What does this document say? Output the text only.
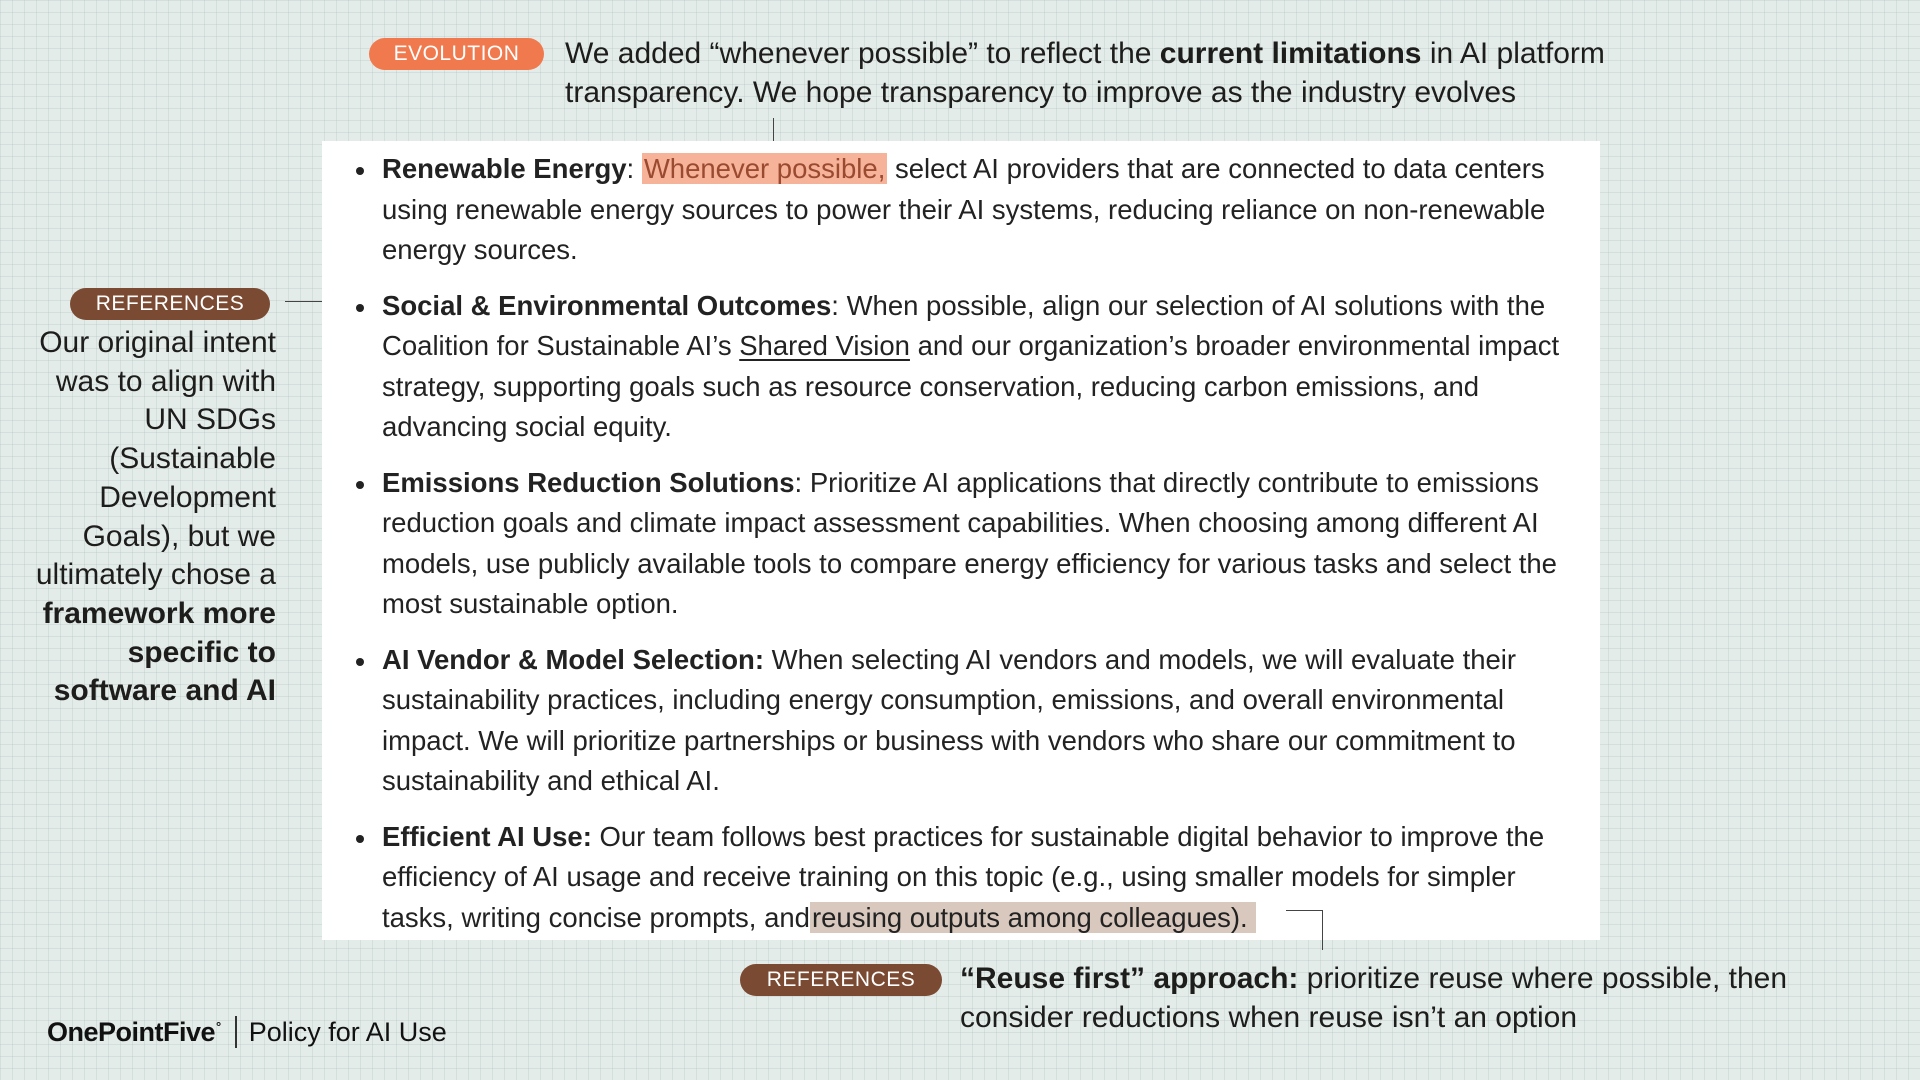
EVOLUTION	We added “whenever possible” to reflect the current limitations in AI platform transparency. We hope transparency to improve as the industry evolves
REFERENCES
Our original intent was to align with UN SDGs (Sustainable Development Goals), but we ultimately chose a framework more specific to software and AI
Renewable Energy: Whenever possible, select AI providers that are connected to data centers using renewable energy sources to power their AI systems, reducing reliance on non-renewable energy sources.
Social & Environmental Outcomes: When possible, align our selection of AI solutions with the Coalition for Sustainable AI’s Shared Vision and our organization’s broader environmental impact strategy, supporting goals such as resource conservation, reducing carbon emissions, and advancing social equity.
Emissions Reduction Solutions: Prioritize AI applications that directly contribute to emissions reduction goals and climate impact assessment capabilities. When choosing among different AI models, use publicly available tools to compare energy efficiency for various tasks and select the most sustainable option.
AI Vendor & Model Selection: When selecting AI vendors and models, we will evaluate their sustainability practices, including energy consumption, emissions, and overall environmental impact. We will prioritize partnerships or business with vendors who share our commitment to sustainability and ethical AI.
Efficient AI Use: Our team follows best practices for sustainable digital behavior to improve the efficiency of AI usage and receive training on this topic (e.g., using smaller models for simpler tasks, writing concise prompts, andreusing outputs among colleagues).
REFERENCES	“Reuse first” approach: prioritize reuse where possible, then consider reductions when reuse isn’t an option
OnePointFive° Policy for AI Use
